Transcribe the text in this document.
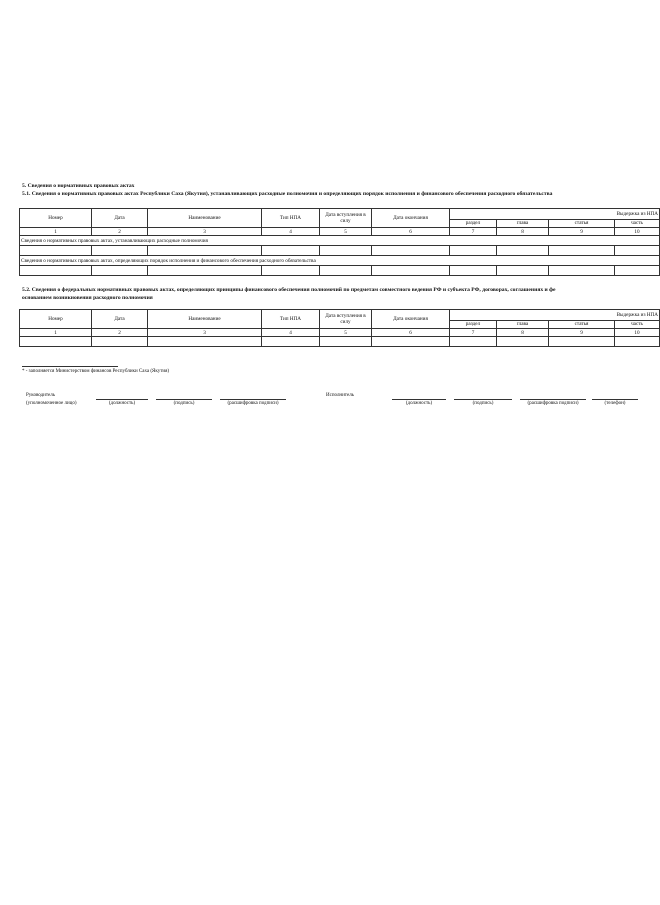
5. Сведения о нормативных правовых актах
5.1. Сведения о нормативных правовых актах Республики Саха (Якутия), устанавливающих расходные полномочия и определяющих порядок исполнения и финансового обеспечения расходного обязательства
Номер	Дата	Наименование	Тип НПА	Дата вступления в силу	Дата окончания	Выдержка из НПА			
						раздел	глава	статья	часть
1	2	3	4	5	6	7	8	9	10
Сведения о нормативных правовых актах, устанавливающих расходные полномочия									

Сведения о нормативных правовых актах, определяющих порядок исполнения и финансового обеспечения расходного обязательства									

5.2. Сведения о федеральных нормативных правовых актах, определяющих принципы финансового обеспечения полномочий по предметам совместного ведения РФ и субъекта РФ, договорах, соглашениях и фе
основанием возникновения расходного полномочия
Номер	Дата	Наименование	Тип НПА	Дата вступления в силу	Дата окончания	Выдержка из НПА			
						раздел	глава	статья	часть
1	2	3	4	5	6	7	8	9	10

* - заполняется Министерством финансов Республики Саха (Якутия)
Руководитель
(уполномоченное лицо)	(должность)	(подпись)	(расшифровка подписи)
Исполнитель
(должность)	(подпись)	(расшифровка подписи)	(телефон)
